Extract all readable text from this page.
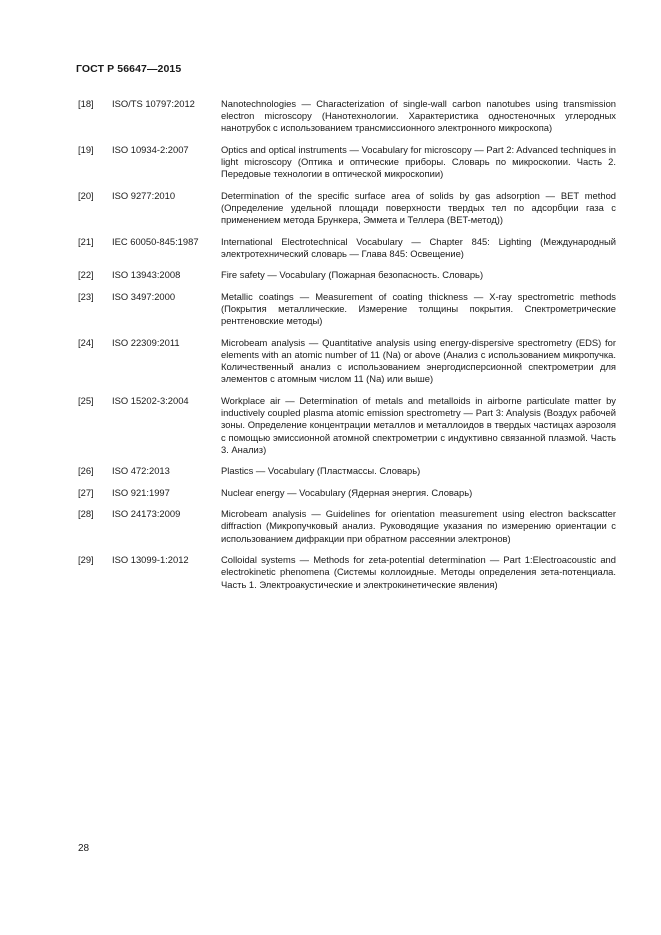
ГОСТ Р 56647—2015
[18] ISO/TS 10797:2012	Nanotechnologies — Characterization of single-wall carbon nanotubes using transmission electron microscopy (Нанотехнологии. Характеристика одностеночных углеродных нанотрубок с использованием трансмиссионного электронного микроскопа)
[19] ISO 10934-2:2007	Optics and optical instruments — Vocabulary for microscopy — Part 2: Advanced techniques in light microscopy (Оптика и оптические приборы. Словарь по микроскопии. Часть 2. Передовые технологии в оптической микроскопии)
[20] ISO 9277:2010	Determination of the specific surface area of solids by gas adsorption — BET method (Определение удельной площади поверхности твердых тел по адсорбции газа с применением метода Брункера, Эммета и Теллера (BET-метод))
[21] IEC 60050-845:1987 International Electrotechnical Vocabulary — Chapter 845: Lighting (Международный электротехнический словарь — Глава 845: Освещение)
[22] ISO 13943:2008	Fire safety — Vocabulary (Пожарная безопасность. Словарь)
[23] ISO 3497:2000	Metallic coatings — Measurement of coating thickness — X-ray spectrometric methods (Покрытия металлические. Измерение толщины покрытия. Спектрометрические рентгеновские методы)
[24] ISO 22309:2011	Microbeam analysis — Quantitative analysis using energy-dispersive spectrometry (EDS) for elements with an atomic number of 11 (Na) or above (Анализ с использованием микропучка. Количественный анализ с использованием энергодисперсионной спектрометрии для элементов с атомным числом 11 (Na) или выше)
[25] ISO 15202-3:2004	Workplace air — Determination of metals and metalloids in airborne particulate matter by inductively coupled plasma atomic emission spectrometry — Part 3: Analysis (Воздух рабочей зоны. Определение концентрации металлов и металлоидов в твердых частицах аэрозоля с помощью эмиссионной атомной спектрометрии с индуктивно связанной плазмой. Часть 3. Анализ)
[26] ISO 472:2013	Plastics — Vocabulary (Пластмассы. Словарь)
[27] ISO 921:1997	Nuclear energy — Vocabulary (Ядерная энергия. Словарь)
[28] ISO 24173:2009	Microbeam analysis — Guidelines for orientation measurement using electron backscatter diffraction (Микропучковый анализ. Руководящие указания по измерению ориентации с использованием дифракции при обратном рассеянии электронов)
[29] ISO 13099-1:2012	Colloidal systems — Methods for zeta-potential determination — Part 1:Electroacoustic and electrokinetic phenomena (Системы коллоидные. Методы определения зета-потенциала. Часть 1. Электроакустические и электрокинетические явления)
28
